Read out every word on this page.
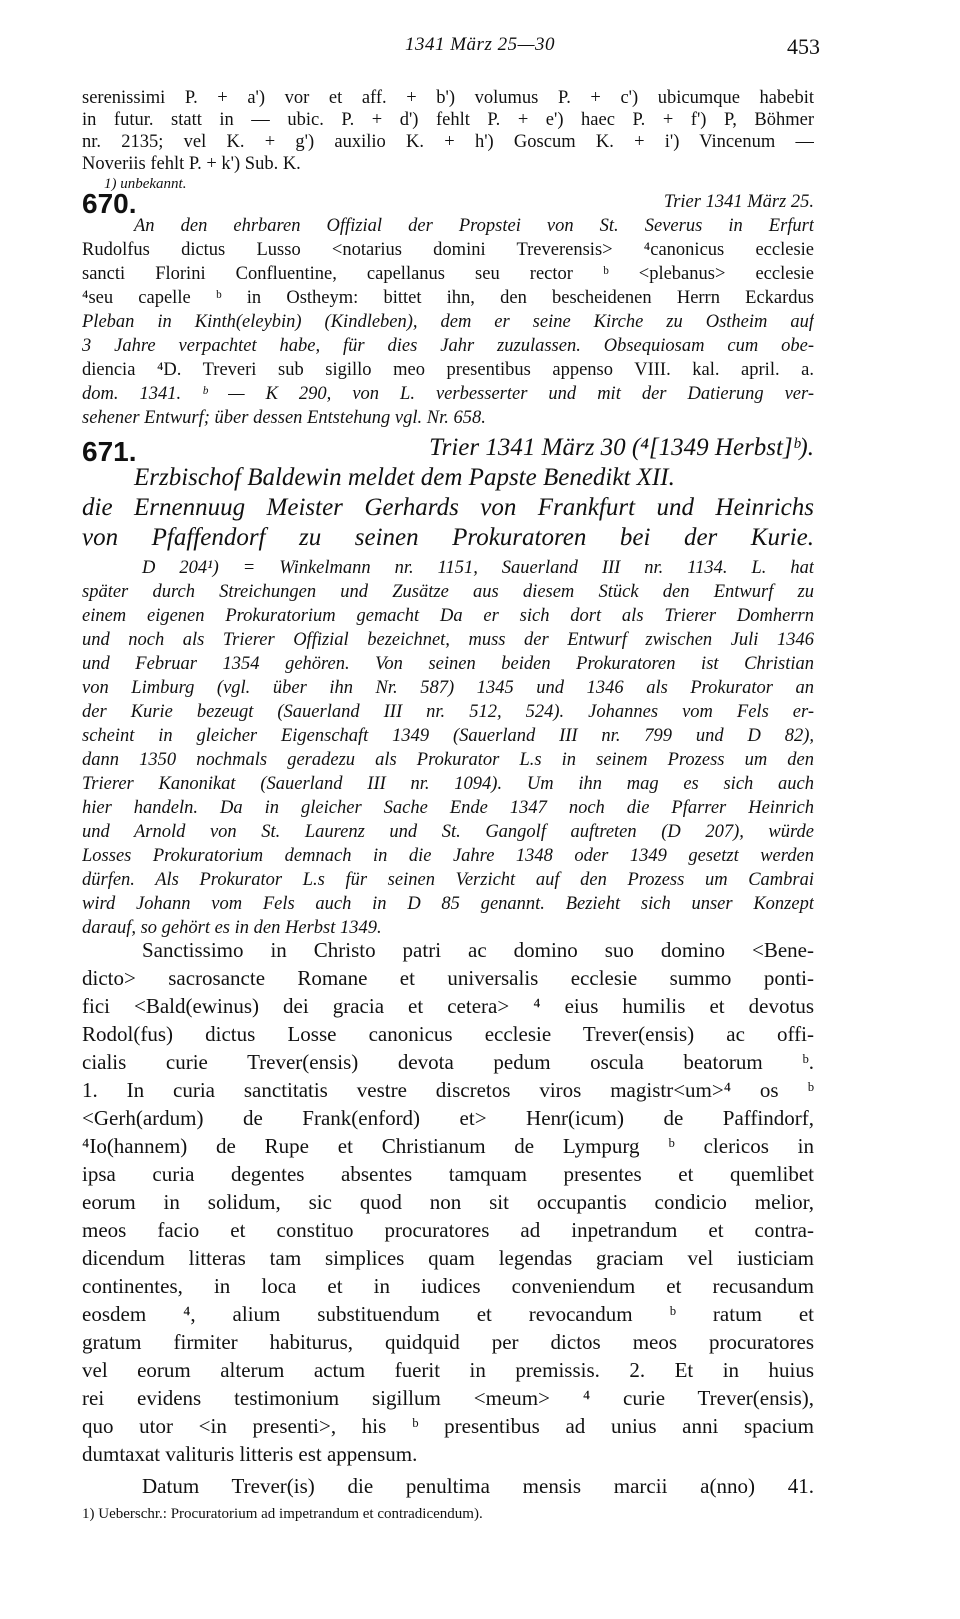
1341 März 25—30	453
serenissimi P. + a') vor et aff. + b') volumus P. + c') ubicumque habebit
in futur. statt in — ubic. P. + d') fehlt P. + e') haec P. + f') P, Böhmer
nr. 2135; vel K. + g') auxilio K. + h') Goscum K. + i') Vincenum —
Noveriis fehlt P. + k') Sub. K.
1) unbekannt.
670.	Trier 1341 März 25.
An den ehrbaren Offizial der Propstei von St. Severus in Erfurt
Rudolfus dictus Lusso <notarius domini Treverensis> ⁴canonicus ecclesie
sancti Florini Confluentine, capellanus seu rector ᵇ <plebanus> ecclesie
⁴seu capelle ᵇ in Ostheym: bittet ihn, den bescheidenen Herrn Eckardus
Pleban in Kinth(eleybin) (Kindleben), dem er seine Kirche zu Ostheim auf
3 Jahre verpachtet habe, für dies Jahr zuzulassen. Obsequiosam cum obe-
diencia ⁴D. Treveri sub sigillo meo presentibus appenso VIII. kal. april. a.
dom. 1341. ᵇ — K 290, von L. verbesserter und mit der Datierung ver-
sehener Entwurf; über dessen Entstehung vgl. Nr. 658.
671.	Trier 1341 März 30 (⁴[1349 Herbst]ᵇ).
Erzbischof Baldewin meldet dem Papste Benedikt XII.
die Ernennuug Meister Gerhards von Frankfurt und Heinrichs
von Pfaffendorf zu seinen Prokuratoren bei der Kurie.
D 204¹) = Winkelmann nr. 1151, Sauerland III nr. 1134. L. hat
später durch Streichungen und Zusätze aus diesem Stück den Entwurf zu
einem eigenen Prokuratorium gemacht Da er sich dort als Trierer Domherrn
und noch als Trierer Offizial bezeichnet, muss der Entwurf zwischen Juli 1346
und Februar 1354 gehören. Von seinen beiden Prokuratoren ist Christian
von Limburg (vgl. über ihn Nr. 587) 1345 und 1346 als Prokurator an
der Kurie bezeugt (Sauerland III nr. 512, 524). Johannes vom Fels er-
scheint in gleicher Eigenschaft 1349 (Sauerland III nr. 799 und D 82),
dann 1350 nochmals geradezu als Prokurator L.s in seinem Prozess um den
Trierer Kanonikat (Sauerland III nr. 1094). Um ihn mag es sich auch
hier handeln. Da in gleicher Sache Ende 1347 noch die Pfarrer Heinrich
und Arnold von St. Laurenz und St. Gangolf auftreten (D 207), würde
Losses Prokuratorium demnach in die Jahre 1348 oder 1349 gesetzt werden
dürfen. Als Prokurator L.s für seinen Verzicht auf den Prozess um Cambrai
wird Johann vom Fels auch in D 85 genannt. Bezieht sich unser Konzept
darauf, so gehört es in den Herbst 1349.
Sanctissimo in Christo patri ac domino suo domino <Bene-
dicto> sacrosancte Romane et universalis ecclesie summo ponti-
fici <Bald(ewinus) dei gracia et cetera> ⁴ eius humilis et devotus
Rodol(fus) dictus Losse canonicus ecclesie Trever(ensis) ac offi-
cialis curie Trever(ensis) devota pedum oscula beatorum ᵇ.
1. In curia sanctitatis vestre discretos viros magistr<um>⁴ os ᵇ
<Gerh(ardum) de Frank(enford) et> Henr(icum) de Paffindorf,
⁴Io(hannem) de Rupe et Christianum de Lympurg ᵇ clericos in
ipsa curia degentes absentes tamquam presentes et quemlibet
eorum in solidum, sic quod non sit occupantis condicio melior,
meos facio et constituo procuratores ad inpetrandum et contra-
dicendum litteras tam simplices quam legendas graciam vel iusticiam
continentes, in loca et in iudices conveniendum et recusandum
eosdem ⁴, alium substituendum et revocandum ᵇ ratum et
gratum firmiter habiturus, quidquid per dictos meos procuratores
vel eorum alterum actum fuerit in premissis. 2. Et in huius
rei evidens testimonium sigillum <meum> ⁴ curie Trever(ensis),
quo utor <in presenti>, his ᵇ presentibus ad unius anni spacium
dumtaxat valituris litteris est appensum.
Datum Trever(is) die penultima mensis marcii a(nno) 41.
1) Ueberschr.: Procuratorium ad impetrandum et contradicendum).
